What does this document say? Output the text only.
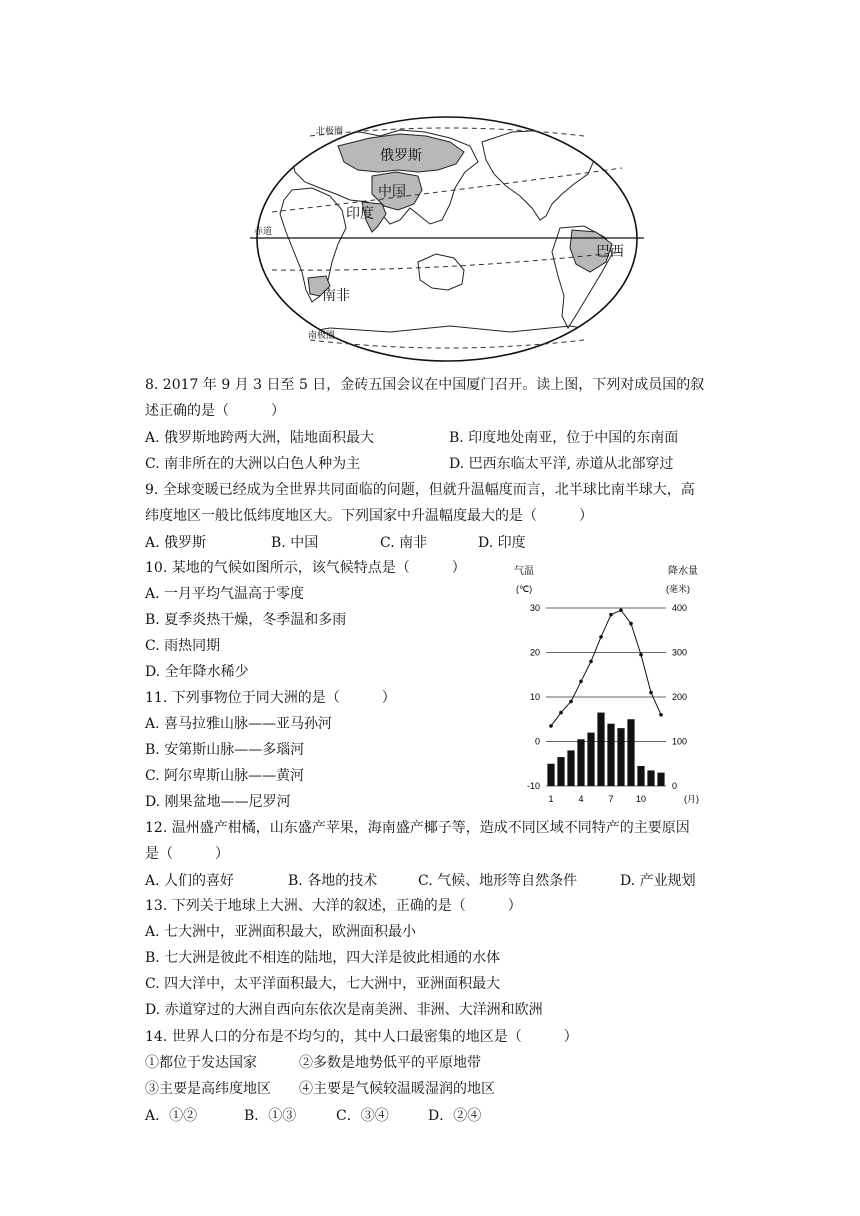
俄罗斯
中国
印度
巴西
南非
赤道
北极圈
南极圈
8. 2017 年 9 月 3 日至 5 日，金砖五国会议在中国厦门召开。读上图，下列对成员国的叙
述正确的是（　　　）
A. 俄罗斯地跨两大洲，陆地面积最大	B. 印度地处南亚，位于中国的东南面
C. 南非所在的大洲以白色人种为主	D. 巴西东临太平洋, 赤道从北部穿过
9. 全球变暖已经成为全世界共同面临的问题，但就升温幅度而言，北半球比南半球大，高
纬度地区一般比低纬度地区大。下列国家中升温幅度最大的是（　　　）
A. 俄罗斯	B. 中国	C. 南非	D. 印度
10. 某地的气候如图所示，该气候特点是（　　　）
A. 一月平均气温高于零度
B. 夏季炎热干燥，冬季温和多雨
C. 雨热同期
D. 全年降水稀少
11. 下列事物位于同大洲的是（　　　）
A. 喜马拉雅山脉——亚马孙河
B. 安第斯山脉——多瑙河
C. 阿尔卑斯山脉——黄河
D. 刚果盆地——尼罗河
气温
(℃)
降水量
(毫米)
30
20
10
0
-10
400
300
200
100
0
1	4	7 10	(月)
12. 温州盛产柑橘，山东盛产苹果，海南盛产椰子等，造成不同区域不同特产的主要原因
是（　　　）
A. 人们的喜好	B. 各地的技术	C. 气候、地形等自然条件	D. 产业规划
13. 下列关于地球上大洲、大洋的叙述，正确的是（　　　）
A. 七大洲中，亚洲面积最大，欧洲面积最小
B. 七大洲是彼此不相连的陆地，四大洋是彼此相通的水体
C. 四大洋中，太平洋面积最大，七大洲中，亚洲面积最大
D. 赤道穿过的大洲自西向东依次是南美洲、非洲、大洋洲和欧洲
14. 世界人口的分布是不均匀的，其中人口最密集的地区是（　　　）
①都位于发达国家　　　②多数是地势低平的平原地带
③主要是高纬度地区　　④主要是气候较温暖湿润的地区
A．①②	B．①③	C．③④	D．②④
